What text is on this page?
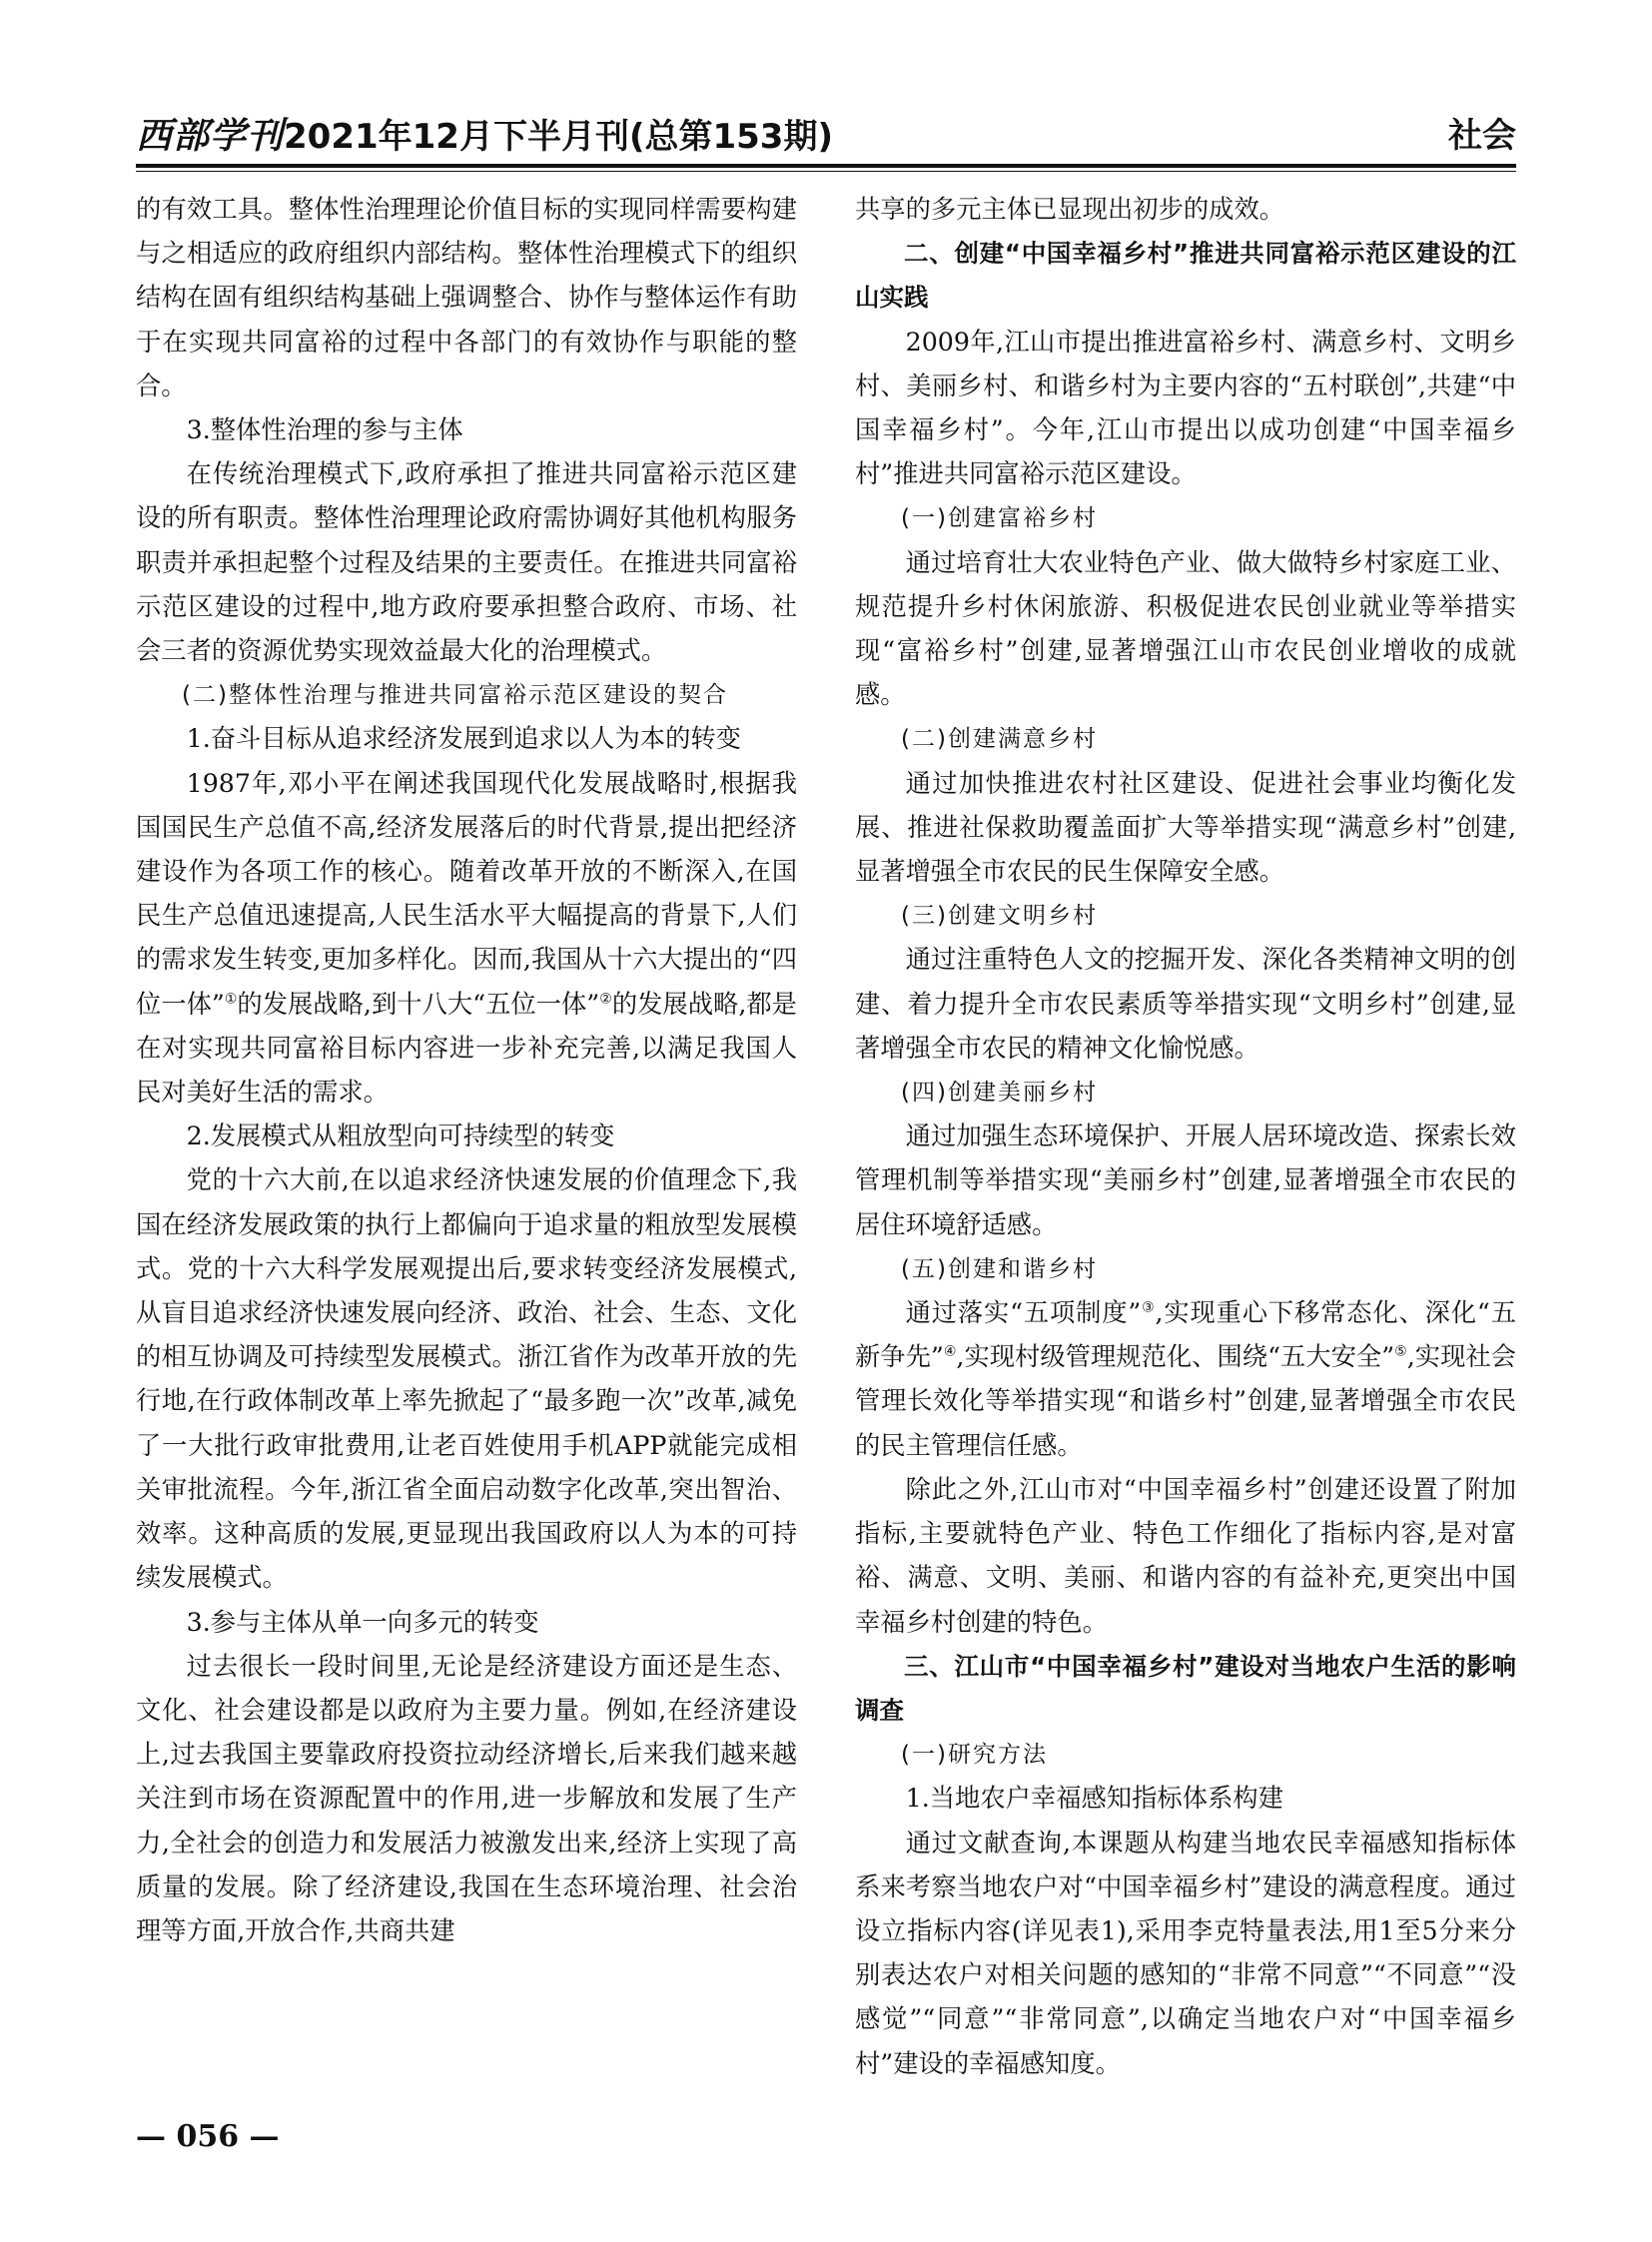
西部学刊2021年12月下半月刊(总第153期)	社会

的有效工具。整体性治理理论价值目标的实现同样需要构建与之相适应的政府组织内部结构。整体性治理模式下的组织结构在固有组织结构基础上强调整合、协作与整体运作有助于在实现共同富裕的过程中各部门的有效协作与职能的整合。

3.整体性治理的参与主体

在传统治理模式下,政府承担了推进共同富裕示范区建设的所有职责。整体性治理理论政府需协调好其他机构服务职责并承担起整个过程及结果的主要责任。在推进共同富裕示范区建设的过程中,地方政府要承担整合政府、市场、社会三者的资源优势实现效益最大化的治理模式。

(二)整体性治理与推进共同富裕示范区建设的契合

1.奋斗目标从追求经济发展到追求以人为本的转变

1987年,邓小平在阐述我国现代化发展战略时,根据我国国民生产总值不高,经济发展落后的时代背景,提出把经济建设作为各项工作的核心。随着改革开放的不断深入,在国民生产总值迅速提高,人民生活水平大幅提高的背景下,人们的需求发生转变,更加多样化。因而,我国从十六大提出的“四位一体”①的发展战略,到十八大“五位一体”②的发展战略,都是在对实现共同富裕目标内容进一步补充完善,以满足我国人民对美好生活的需求。

2.发展模式从粗放型向可持续型的转变

党的十六大前,在以追求经济快速发展的价值理念下,我国在经济发展政策的执行上都偏向于追求量的粗放型发展模式。党的十六大科学发展观提出后,要求转变经济发展模式,从盲目追求经济快速发展向经济、政治、社会、生态、文化的相互协调及可持续型发展模式。浙江省作为改革开放的先行地,在行政体制改革上率先掀起了“最多跑一次”改革,减免了一大批行政审批费用,让老百姓使用手机APP就能完成相关审批流程。今年,浙江省全面启动数字化改革,突出智治、效率。这种高质的发展,更显现出我国政府以人为本的可持续发展模式。

3.参与主体从单一向多元的转变

过去很长一段时间里,无论是经济建设方面还是生态、文化、社会建设都是以政府为主要力量。例如,在经济建设上,过去我国主要靠政府投资拉动经济增长,后来我们越来越关注到市场在资源配置中的作用,进一步解放和发展了生产力,全社会的创造力和发展活力被激发出来,经济上实现了高质量的发展。除了经济建设,我国在生态环境治理、社会治理等方面,开放合作,共商共建

共享的多元主体已显现出初步的成效。

二、创建“中国幸福乡村”推进共同富裕示范区建设的江山实践

2009年,江山市提出推进富裕乡村、满意乡村、文明乡村、美丽乡村、和谐乡村为主要内容的“五村联创”,共建“中国幸福乡村”。今年,江山市提出以成功创建“中国幸福乡村”推进共同富裕示范区建设。

(一)创建富裕乡村

通过培育壮大农业特色产业、做大做特乡村家庭工业、规范提升乡村休闲旅游、积极促进农民创业就业等举措实现“富裕乡村”创建,显著增强江山市农民创业增收的成就感。

(二)创建满意乡村

通过加快推进农村社区建设、促进社会事业均衡化发展、推进社保救助覆盖面扩大等举措实现“满意乡村”创建,显著增强全市农民的民生保障安全感。

(三)创建文明乡村

通过注重特色人文的挖掘开发、深化各类精神文明的创建、着力提升全市农民素质等举措实现“文明乡村”创建,显著增强全市农民的精神文化愉悦感。

(四)创建美丽乡村

通过加强生态环境保护、开展人居环境改造、探索长效管理机制等举措实现“美丽乡村”创建,显著增强全市农民的居住环境舒适感。

(五)创建和谐乡村

通过落实“五项制度”③,实现重心下移常态化、深化“五新争先”④,实现村级管理规范化、围绕“五大安全”⑤,实现社会管理长效化等举措实现“和谐乡村”创建,显著增强全市农民的民主管理信任感。

除此之外,江山市对“中国幸福乡村”创建还设置了附加指标,主要就特色产业、特色工作细化了指标内容,是对富裕、满意、文明、美丽、和谐内容的有益补充,更突出中国幸福乡村创建的特色。

三、江山市“中国幸福乡村”建设对当地农户生活的影响调查

(一)研究方法

1.当地农户幸福感知指标体系构建

通过文献查询,本课题从构建当地农民幸福感知指标体系来考察当地农户对“中国幸福乡村”建设的满意程度。通过设立指标内容(详见表1),采用李克特量表法,用1至5分来分别表达农户对相关问题的感知的“非常不同意”“不同意”“没感觉”“同意”“非常同意”,以确定当地农户对“中国幸福乡村”建设的幸福感知度。

— 056 —
